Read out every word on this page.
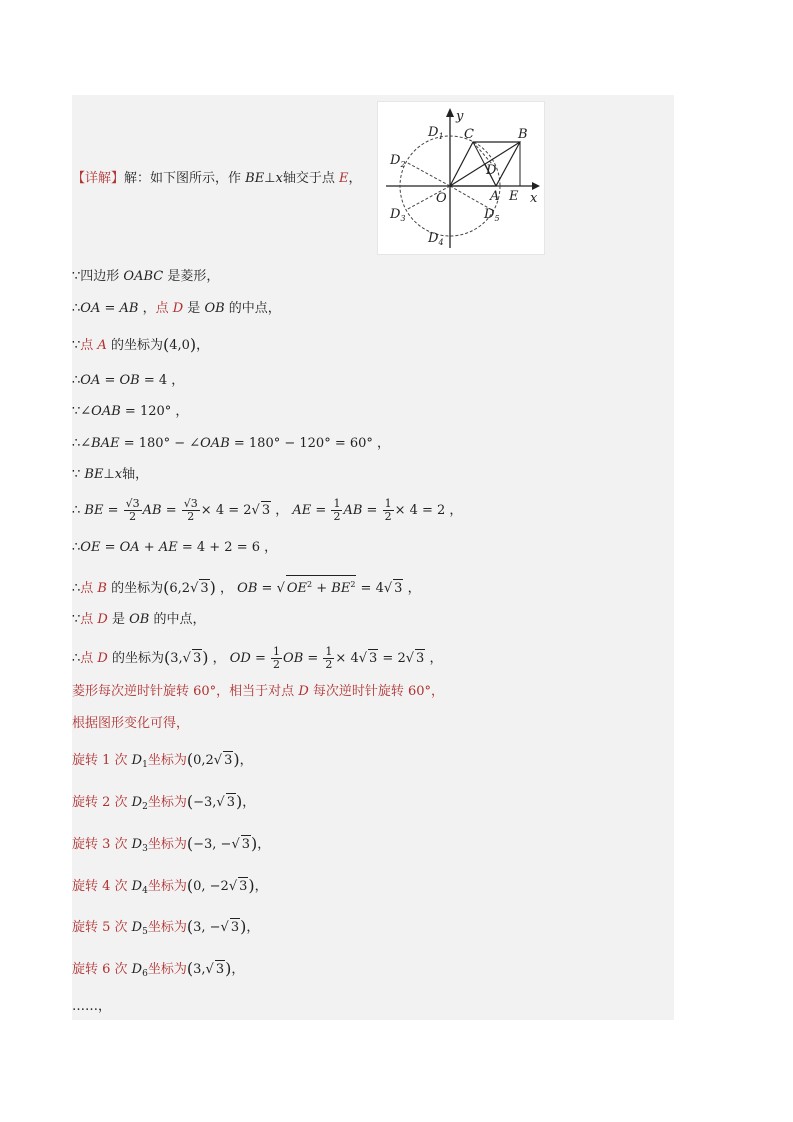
【详解】解：如下图所示，作 BE⊥x轴交于点 E，
y
x
O	A
B
C
D
E
$D_1$
$D_2$
$D_3$
$D_4$
$D_5$
∵四边形 OABC 是菱形，
∴OA = AB ，点 D 是 OB 的中点，
∵点 A 的坐标为(4,0)，
∴OA = OB = 4 ，
∵∠OAB = 120° ，
∴∠BAE = 180° − ∠OAB = 180° − 120° = 60° ，
∵ BE⊥x轴，
∴ BE = $\frac{√3}{2}$ AB = $\frac{√3}{2} \times 4 = 2√$ 3 ， AE = $\frac{1}{2}$ AB = $\frac{1}{2} \times 4 = 2$ ，
∴OE = OA + AE = 4 + 2 = 6 ，
∴点 B 的坐标为(6,2√ 3) ， OB = √ $OE^2 + BE^2 = 4√$ 3 ，
∵点 D 是 OB 的中点，
∴点 D 的坐标为(3,√ 3) ， OD = $\frac{1}{2}$ OB = $\frac{1}{2} \times 4√$ 3 = 2√ 3 ，
菱形每次逆时针旋转 60°，相当于对点 D 每次逆时针旋转 60°，
根据图形变化可得，
旋转 1 次 $D_1$坐标为(0,2√ 3)，
旋转 2 次 $D_2$坐标为(−3,√ 3)，
旋转 3 次 $D_3$坐标为(−3, −√ 3)，
旋转 4 次 $D_4$坐标为(0, −2√ 3)，
旋转 5 次 $D_5$坐标为(3, −√ 3)，
旋转 6 次 $D_6$坐标为(3,√ 3)，
……，
